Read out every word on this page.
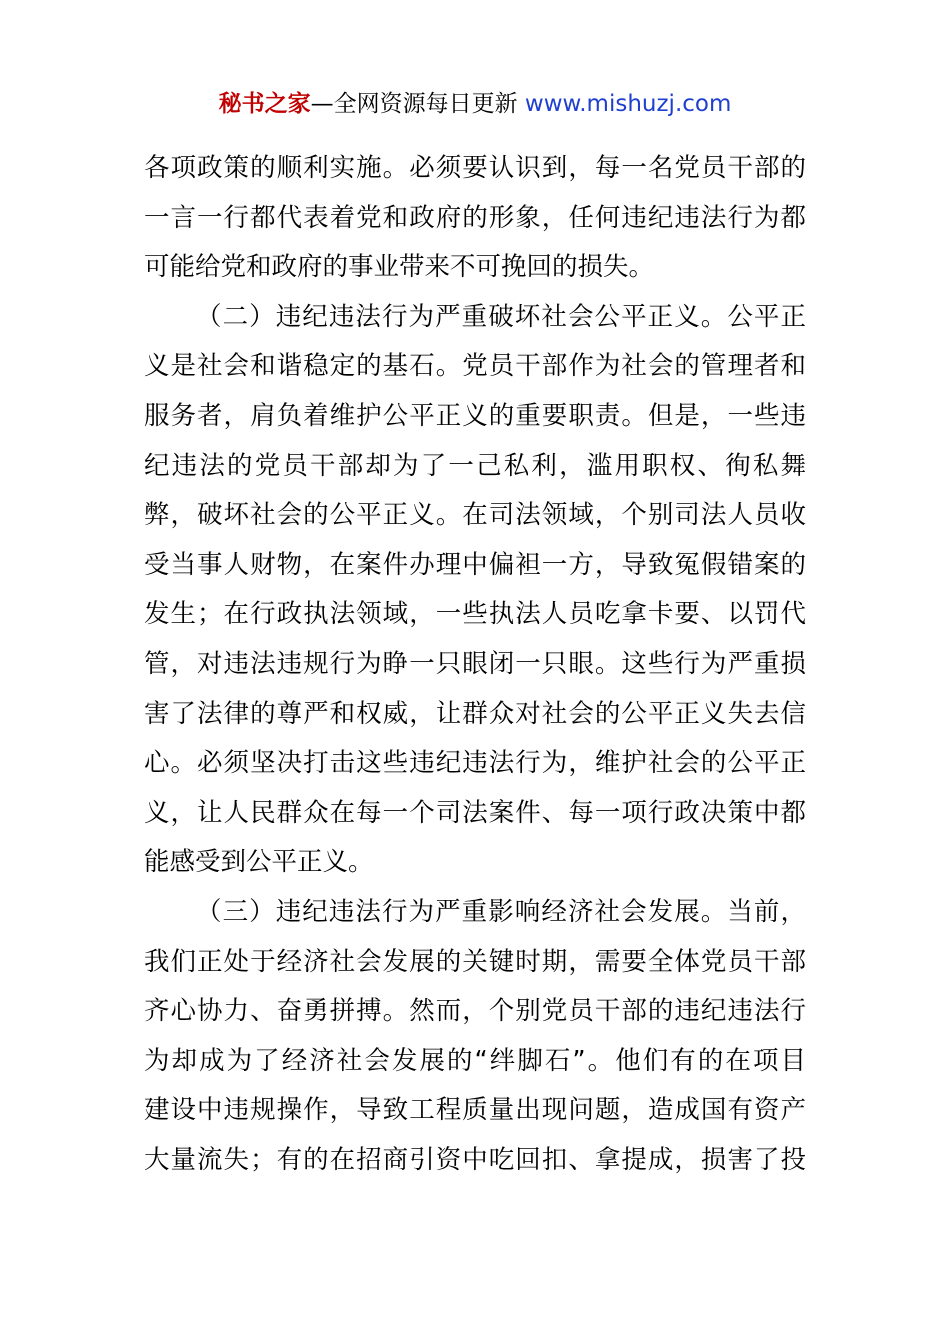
秘书之家—全网资源每日更新 www.mishuzj.com
各项政策的顺利实施。必须要认识到，每一名党员干部的
一言一行都代表着党和政府的形象，任何违纪违法行为都
可能给党和政府的事业带来不可挽回的损失。
（二）违纪违法行为严重破坏社会公平正义。公平正
义是社会和谐稳定的基石。党员干部作为社会的管理者和
服务者，肩负着维护公平正义的重要职责。但是，一些违
纪违法的党员干部却为了一己私利，滥用职权、徇私舞
弊，破坏社会的公平正义。在司法领域，个别司法人员收
受当事人财物，在案件办理中偏袒一方，导致冤假错案的
发生；在行政执法领域，一些执法人员吃拿卡要、以罚代
管，对违法违规行为睁一只眼闭一只眼。这些行为严重损
害了法律的尊严和权威，让群众对社会的公平正义失去信
心。必须坚决打击这些违纪违法行为，维护社会的公平正
义，让人民群众在每一个司法案件、每一项行政决策中都
能感受到公平正义。
（三）违纪违法行为严重影响经济社会发展。当前，
我们正处于经济社会发展的关键时期，需要全体党员干部
齐心协力、奋勇拼搏。然而，个别党员干部的违纪违法行
为却成为了经济社会发展的“绊脚石”。他们有的在项目
建设中违规操作，导致工程质量出现问题，造成国有资产
大量流失；有的在招商引资中吃回扣、拿提成，损害了投
